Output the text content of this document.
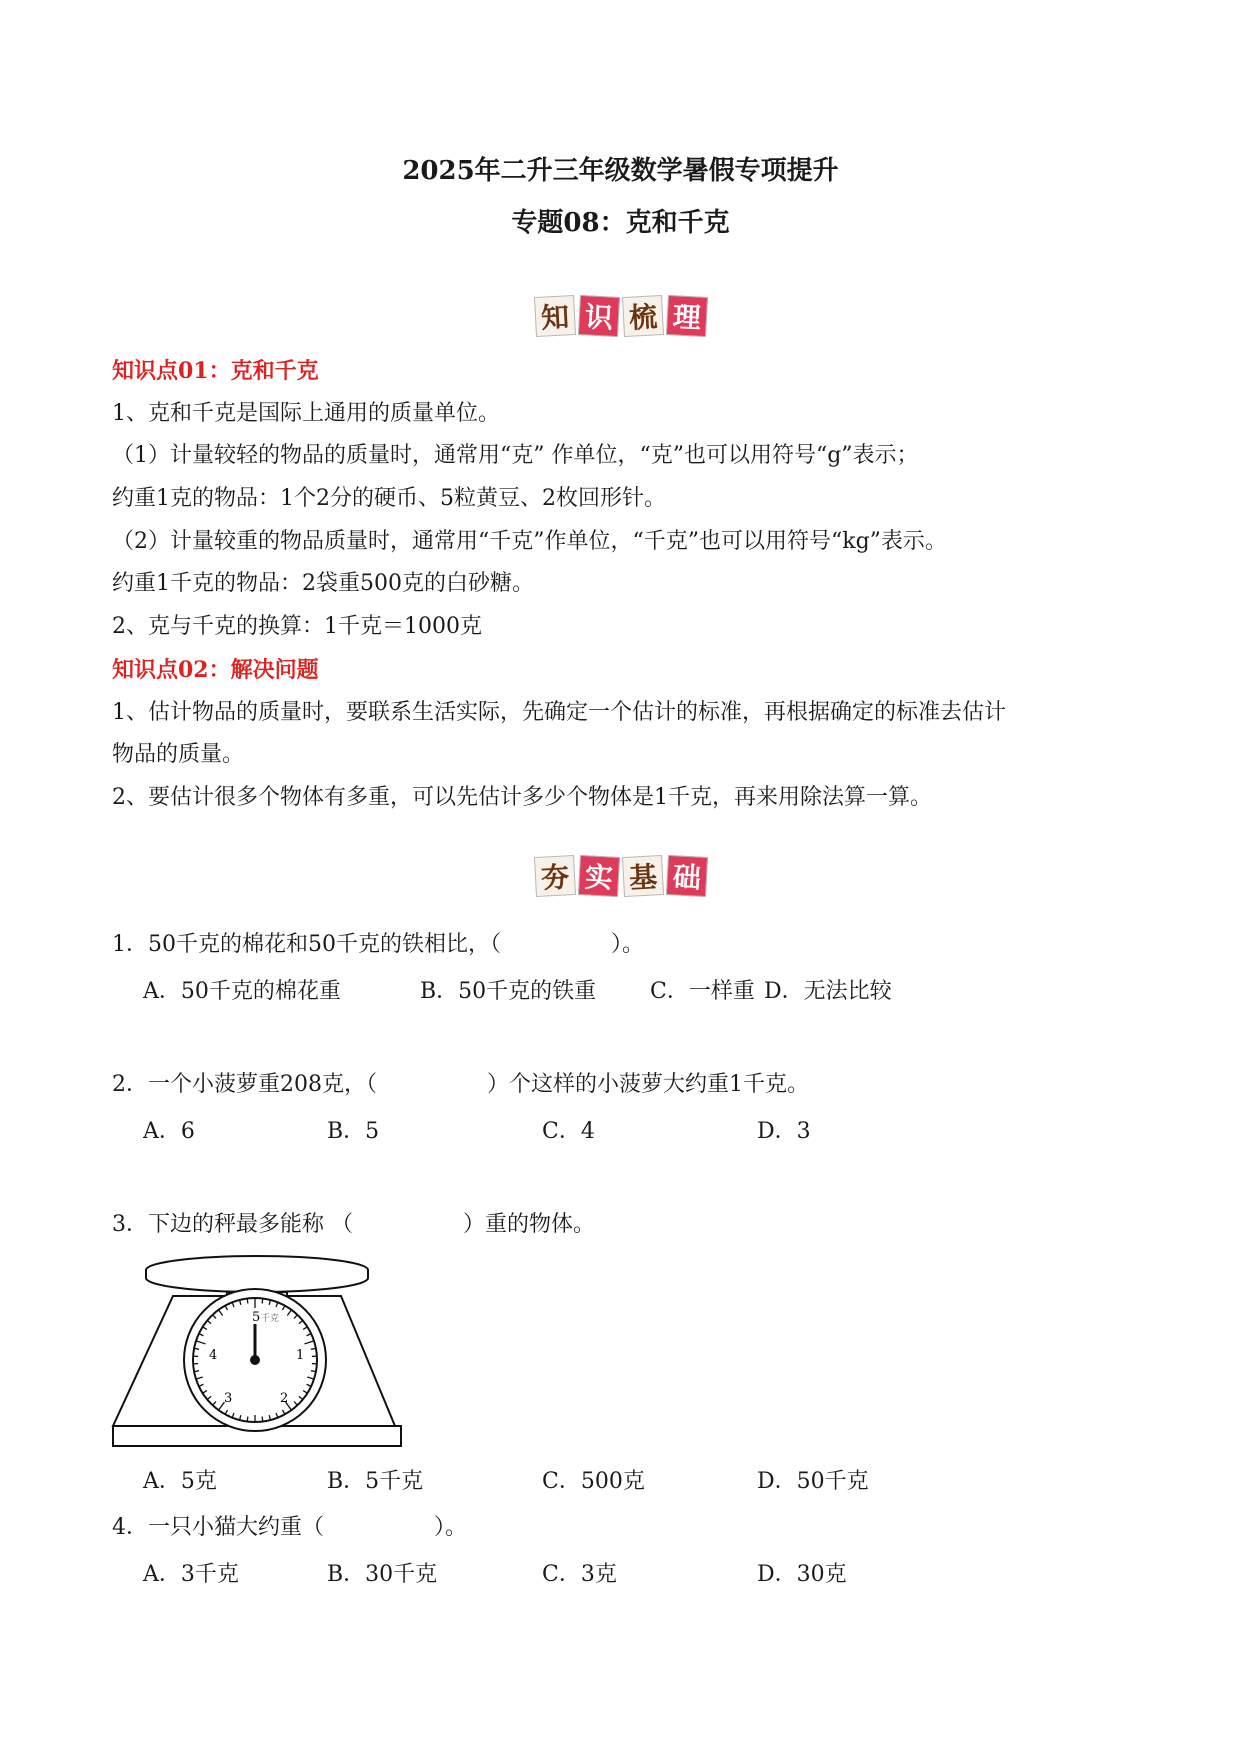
2025年二升三年级数学暑假专项提升
专题08：克和千克
知 识 梳 理
知识点01：克和千克
1、克和千克是国际上通用的质量单位。
（1）计量较轻的物品的质量时，通常用“克” 作单位，“克”也可以用符号“g”表示；
约重1克的物品：1个2分的硬币、5粒黄豆、2枚回形针。
（2）计量较重的物品质量时，通常用“千克”作单位，“千克”也可以用符号“kg”表示。
约重1千克的物品：2袋重500克的白砂糖。
2、克与千克的换算：1千克＝1000克
知识点02：解决问题
1、估计物品的质量时，要联系生活实际，先确定一个估计的标准，再根据确定的标准去估计
物品的质量。
2、要估计很多个物体有多重，可以先估计多少个物体是1千克，再来用除法算一算。
夯 实 基 础
1．50千克的棉花和50千克的铁相比，（　　　　　）。
A．50千克的棉花重	B．50千克的铁重 C．一样重 D．无法比较
2．一个小菠萝重208克，（　　　　　）个这样的小菠萝大约重1千克。
A．6	B．5	C．4	D．3
3．下边的秤最多能称 （　　　　　）重的物体。
5 千克
1
2
3
4
A．5克	B．5千克	C．500克	D．50千克
4．一只小猫大约重（　　　　　）。
A．3千克	B．30千克	C．3克	D．30克
